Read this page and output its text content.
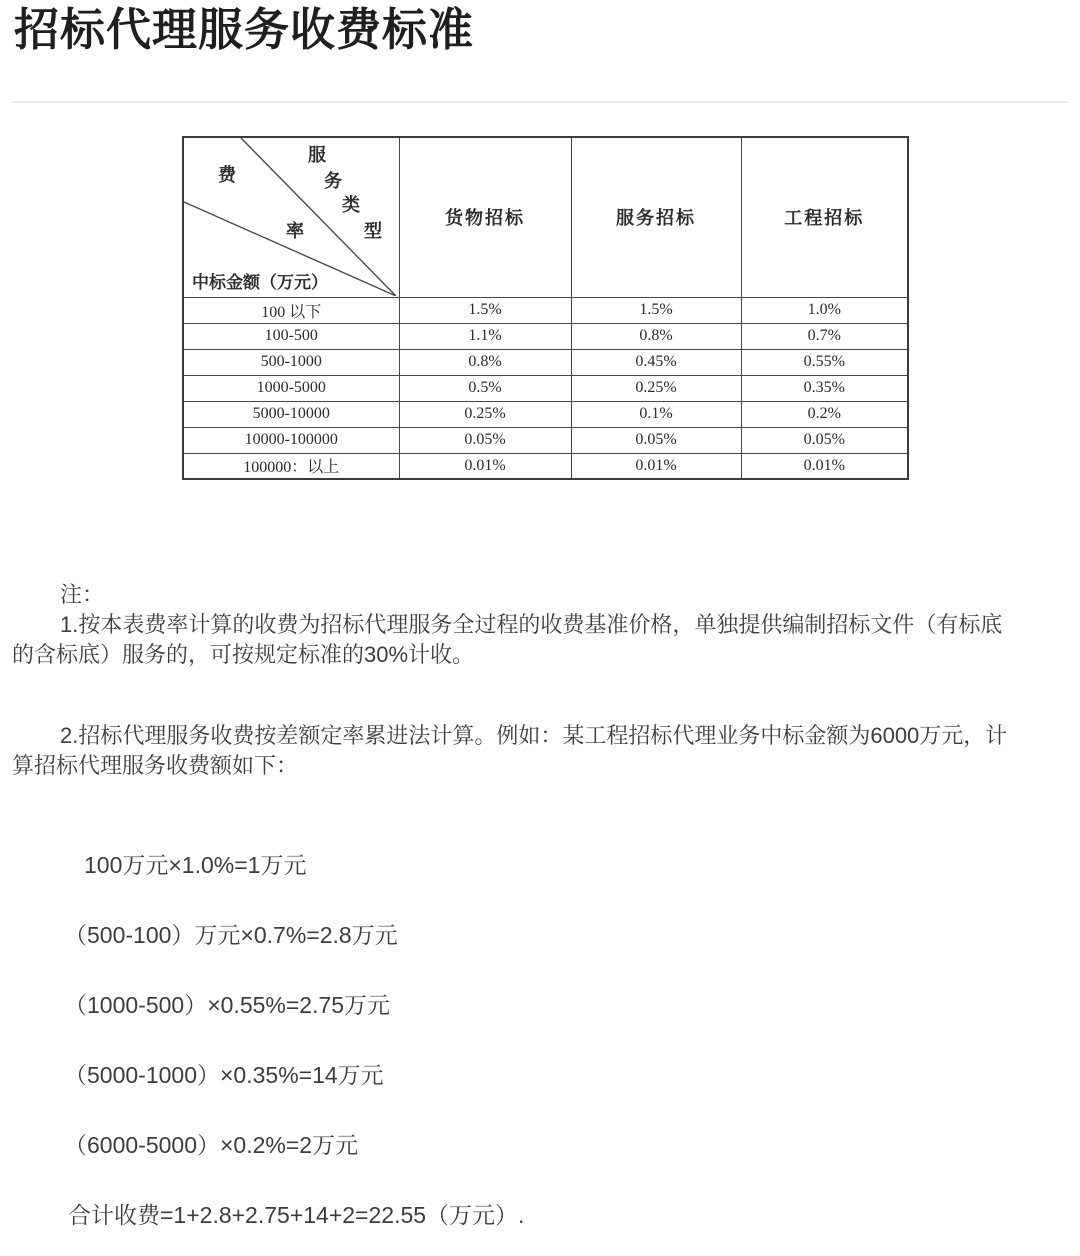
招标代理服务收费标准
费
服
务
类
率	型
中标金额（万元）
	货物招标	服务招标	工程招标
100 以下	1.5%	1.5%	1.0%
100-500	1.1%	0.8%	0.7%
500-1000	0.8%	0.45%	0.55%
1000-5000	0.5%	0.25%	0.35%
5000-10000	0.25%	0.1%	0.2%
10000-100000	0.05%	0.05%	0.05%
100000：以上	0.01%	0.01%	0.01%
注：
1.按本表费率计算的收费为招标代理服务全过程的收费基准价格，单独提供编制招标文件（有标底
的含标底）服务的，可按规定标准的30%计收。
2.招标代理服务收费按差额定率累进法计算。例如：某工程招标代理业务中标金额为6000万元，计
算招标代理服务收费额如下：
100万元×1.0%=1万元
（500-100）万元×0.7%=2.8万元
（1000-500）×0.55%=2.75万元
（5000-1000）×0.35%=14万元
（6000-5000）×0.2%=2万元
合计收费=1+2.8+2.75+14+2=22.55（万元）.
